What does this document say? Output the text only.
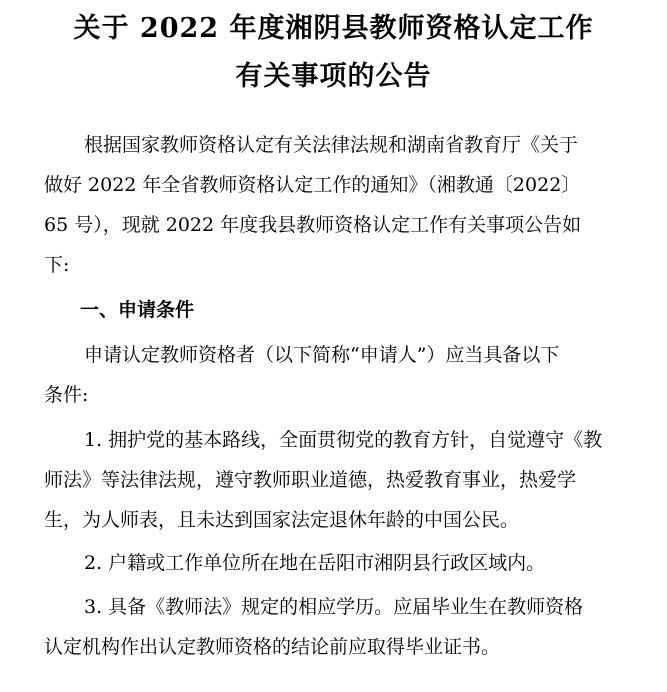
关于 2022 年度湘阴县教师资格认定工作
有关事项的公告
根据国家教师资格认定有关法律法规和湖南省教育厅《关于
做好 2022 年全省教师资格认定工作的通知》（湘教通〔2022〕
65 号），现就 2022 年度我县教师资格认定工作有关事项公告如
下:
一、申请条件
申请认定教师资格者（以下简称“申请人”）应当具备以下
条件:
1. 拥护党的基本路线，全面贯彻党的教育方针，自觉遵守《教
师法》等法律法规，遵守教师职业道德，热爱教育事业，热爱学
生，为人师表，且未达到国家法定退休年龄的中国公民。
2. 户籍或工作单位所在地在岳阳市湘阴县行政区域内。
3. 具备《教师法》规定的相应学历。应届毕业生在教师资格
认定机构作出认定教师资格的结论前应取得毕业证书。
